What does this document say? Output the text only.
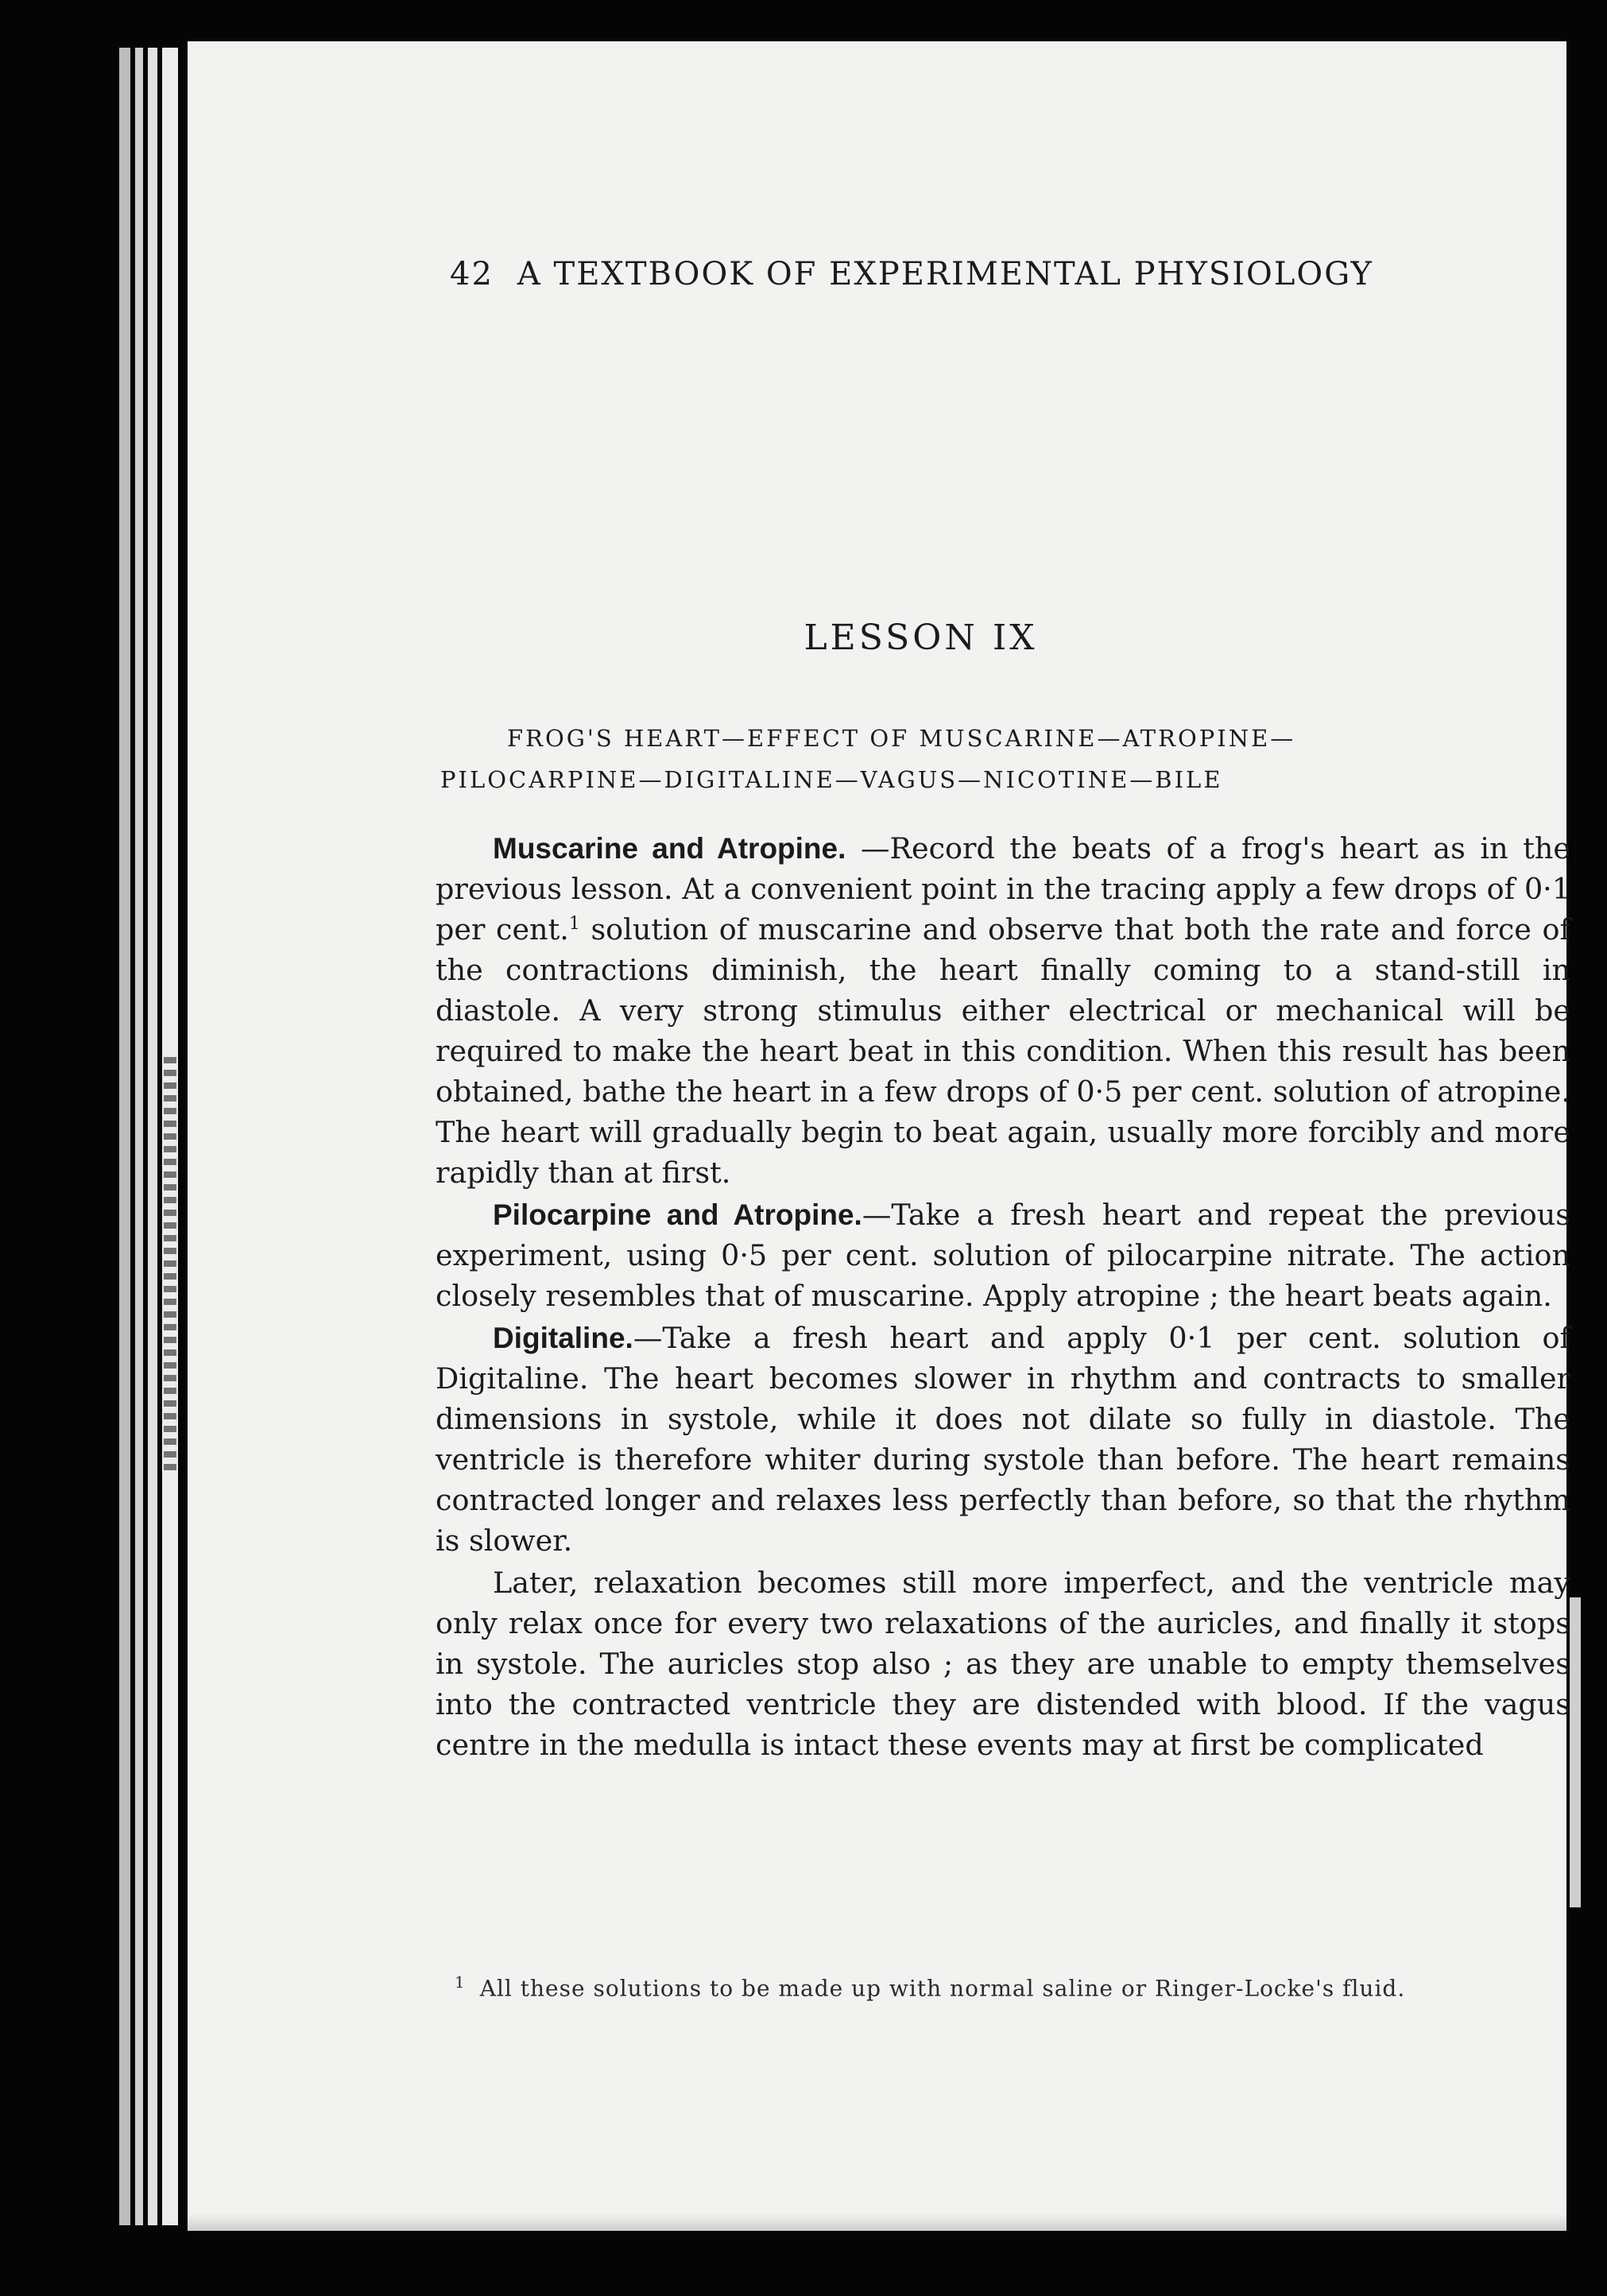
42 A TEXTBOOK OF EXPERIMENTAL PHYSIOLOGY
LESSON IX
FROG'S HEART—EFFECT OF MUSCARINE—ATROPINE—
PILOCARPINE—DIGITALINE—VAGUS—NICOTINE—BILE

Muscarine and Atropine. —Record the beats of a frog's heart as in the previous lesson. At a convenient point in the tracing apply a few drops of 0·1 per cent.$^1$ solution of muscarine and observe that both the rate and force of the contractions diminish, the heart finally coming to a stand-still in diastole. A very strong stimulus either electrical or mechanical will be required to make the heart beat in this condition. When this result has been obtained, bathe the heart in a few drops of 0·5 per cent. solution of atropine. The heart will gradually begin to beat again, usually more forcibly and more rapidly than at first.

Pilocarpine and Atropine.—Take a fresh heart and repeat the previous experiment, using 0·5 per cent. solution of pilocarpine nitrate. The action closely resembles that of muscarine. Apply atropine ; the heart beats again.

Digitaline.—Take a fresh heart and apply 0·1 per cent. solution of Digitaline. The heart becomes slower in rhythm and contracts to smaller dimensions in systole, while it does not dilate so fully in diastole. The ventricle is therefore whiter during systole than before. The heart remains contracted longer and relaxes less perfectly than before, so that the rhythm is slower.

Later, relaxation becomes still more imperfect, and the ventricle may only relax once for every two relaxations of the auricles, and finally it stops in systole. The auricles stop also ; as they are unable to empty themselves into the contracted ventricle they are distended with blood. If the vagus centre in the medulla is intact these events may at first be complicated

$^1$ All these solutions to be made up with normal saline or Ringer-Locke's fluid.
